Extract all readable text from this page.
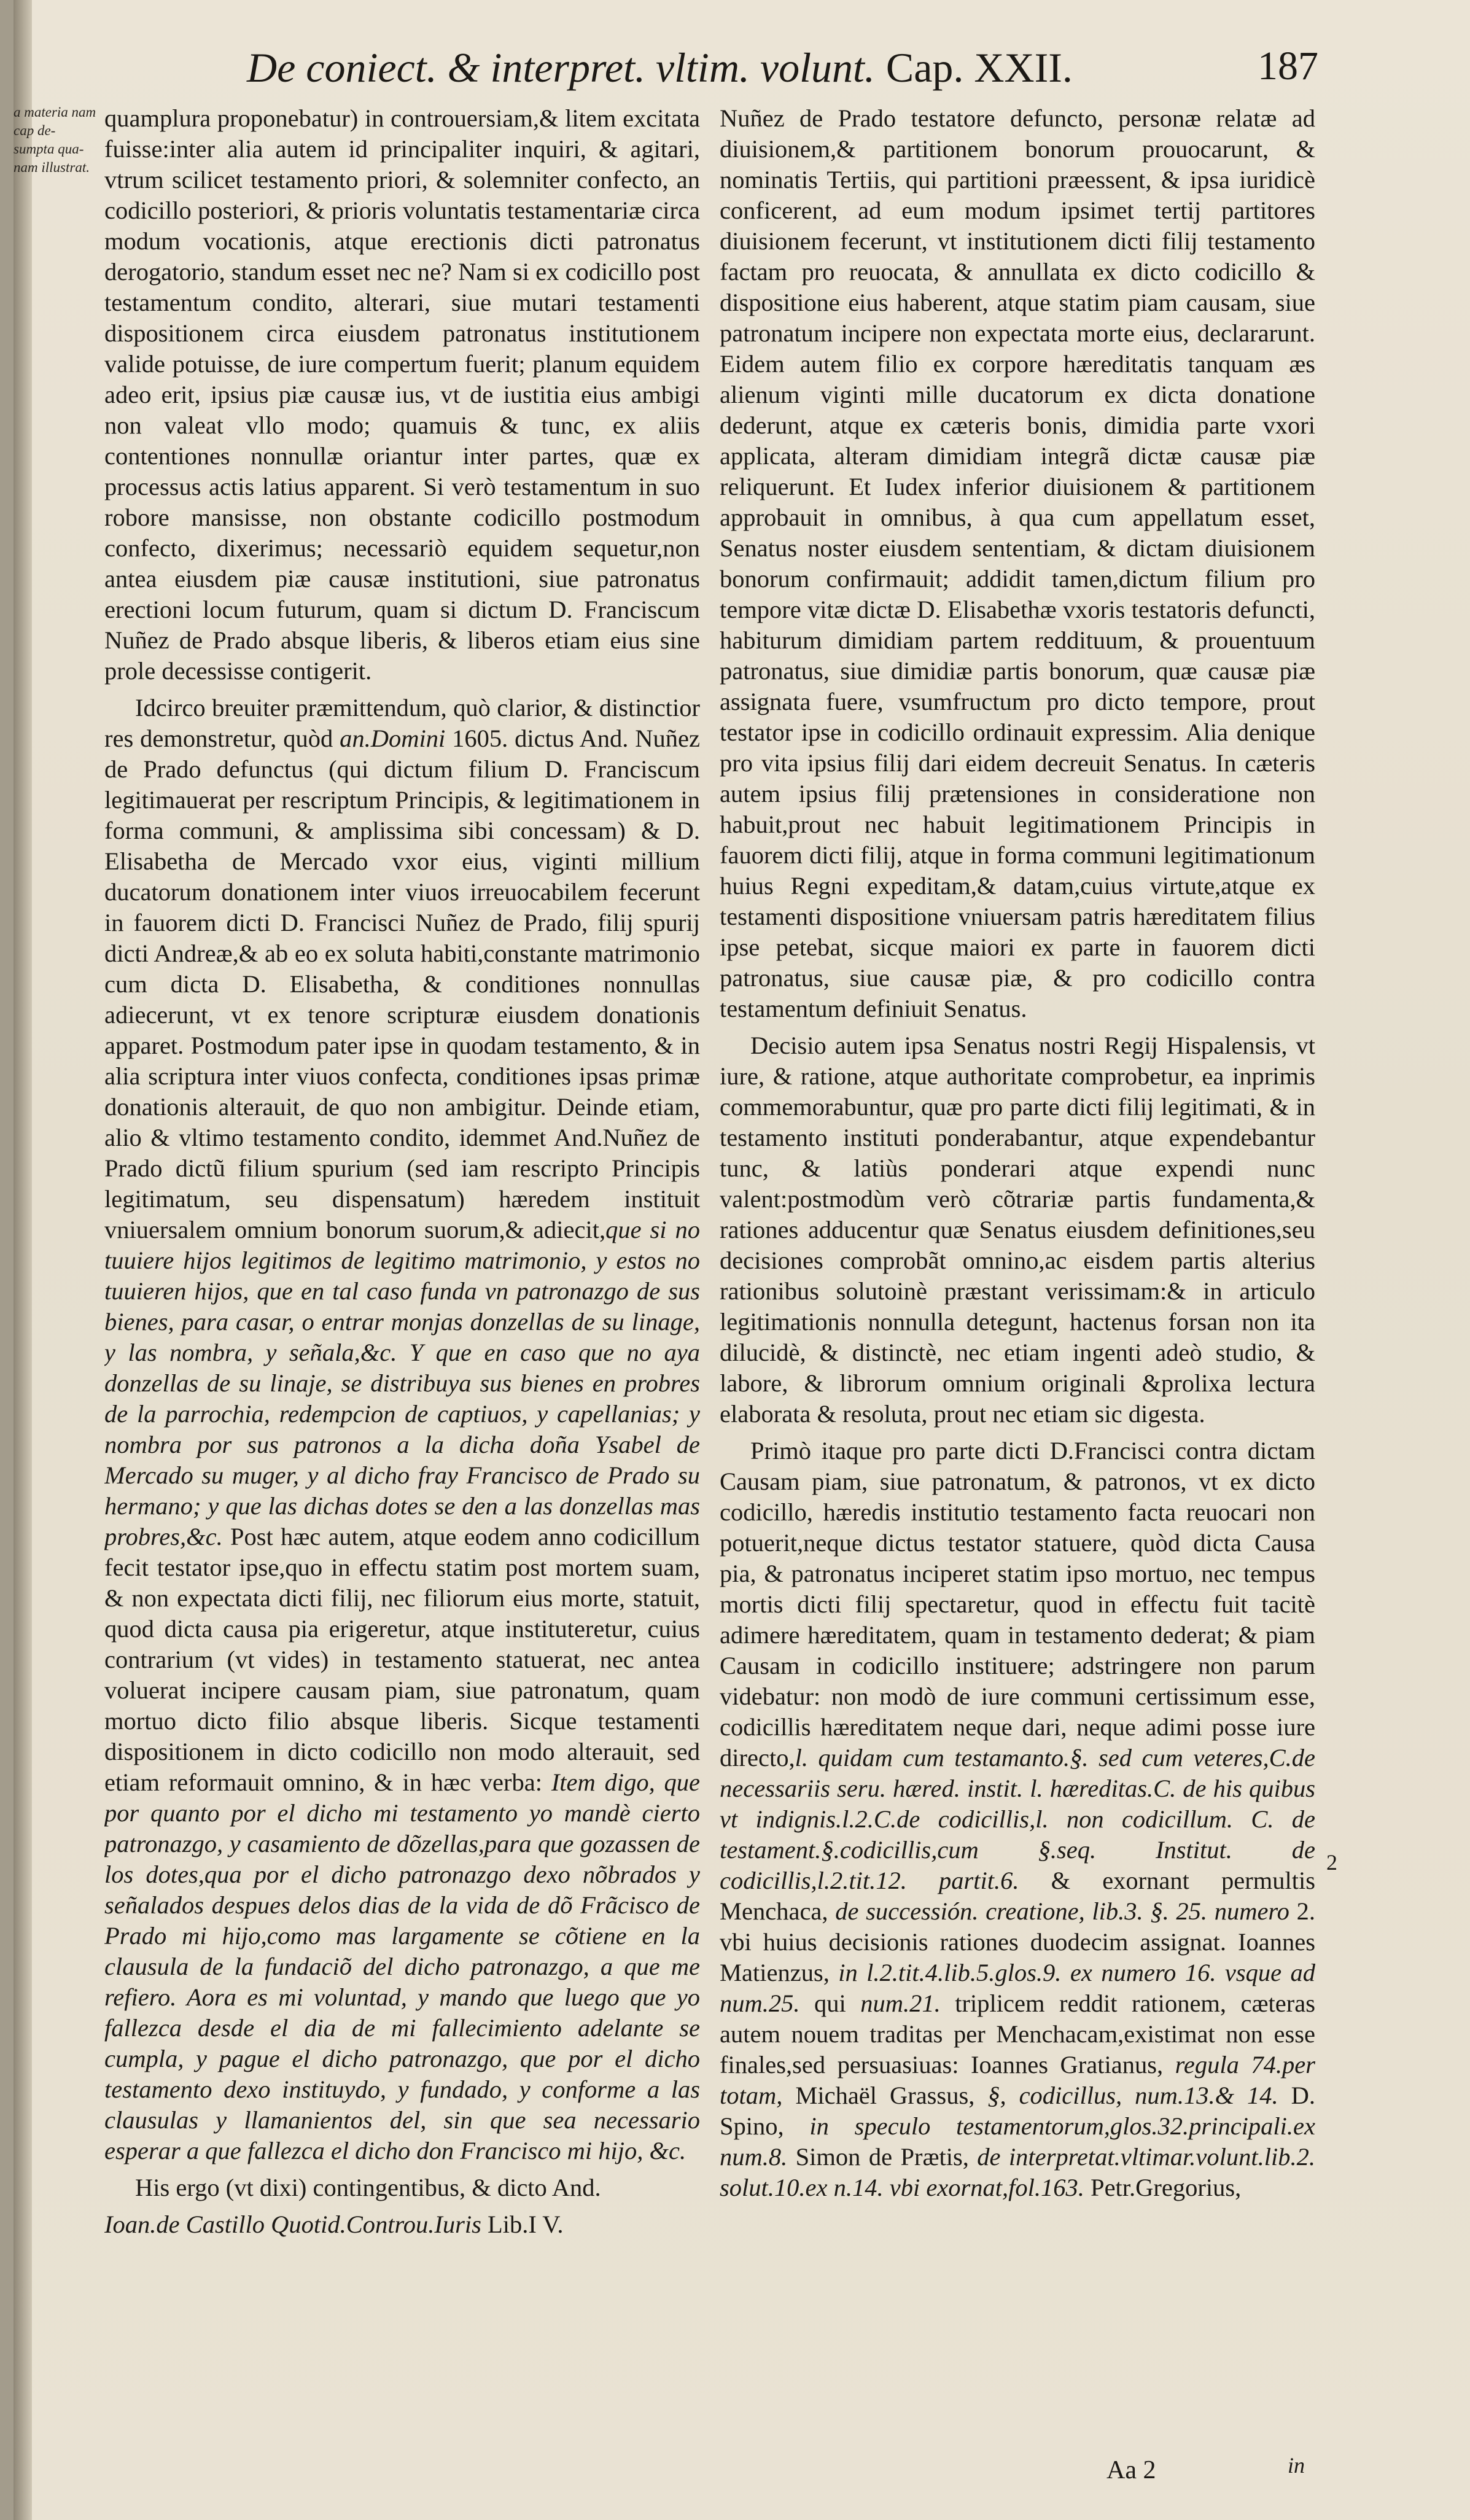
De coniect. & interpret. vltim. volunt. Cap. XXII.	187
a materia nam cap de- sumpta qua- nam illustrat.

quamplura proponebatur) in controuersiam,& litem excitata fuisse:inter alia autem id principaliter inquiri, & agitari, vtrum scilicet testamento priori, & solemniter confecto, an codicillo posteriori, & prioris voluntatis testamentariæ circa modum vocationis, atque erectionis dicti patronatus derogatorio, standum esset nec ne? Nam si ex codicillo post testamentum condito, alterari, siue mutari testamenti dispositionem circa eiusdem patronatus institutionem valide potuisse, de iure compertum fuerit; planum equidem adeo erit, ipsius piæ causæ ius, vt de iustitia eius ambigi non valeat vllo modo; quamuis & tunc, ex aliis contentiones nonnullæ oriantur inter partes, quæ ex processus actis latius apparent. Si verò testamentum in suo robore mansisse, non obstante codicillo postmodum confecto, dixerimus; necessariò equidem sequetur,non antea eiusdem piæ causæ institutioni, siue patronatus erectioni locum futurum, quam si dictum D. Franciscum Nuñez de Prado absque liberis, & liberos etiam eius sine prole decessisse contigerit.

Idcirco breuiter præmittendum, quò clarior, & distinctior res demonstretur, quòd an.Domini 1605. dictus And. Nuñez de Prado defunctus (qui dictum filium D. Franciscum legitimauerat per rescriptum Principis, & legitimationem in forma communi, & amplissima sibi concessam) & D. Elisabetha de Mercado vxor eius, viginti millium ducatorum donationem inter viuos irreuocabilem fecerunt in fauorem dicti D. Francisci Nuñez de Prado, filij spurij dicti Andreæ,& ab eo ex soluta habiti,constante matrimonio cum dicta D. Elisabetha, & conditiones nonnullas adiecerunt, vt ex tenore scripturæ eiusdem donationis apparet. Postmodum pater ipse in quodam testamento, & in alia scriptura inter viuos confecta, conditiones ipsas primæ donationis alterauit, de quo non ambigitur. Deinde etiam, alio & vltimo testamento condito, idemmet And.Nuñez de Prado dictũ filium spurium (sed iam rescripto Principis legitimatum, seu dispensatum) hæredem instituit vniuersalem omnium bonorum suorum,& adiecit,que si no tuuiere hijos legitimos de legitimo matrimonio, y estos no tuuieren hijos, que en tal caso funda vn patronazgo de sus bienes, para casar, o entrar monjas donzellas de su linage, y las nombra, y señala,&c. Y que en caso que no aya donzellas de su linaje, se distribuya sus bienes en probres de la parrochia, redempcion de captiuos, y capellanias; y nombra por sus patronos a la dicha doña Ysabel de Mercado su muger, y al dicho fray Francisco de Prado su hermano; y que las dichas dotes se den a las donzellas mas probres,&c. Post hæc autem, atque eodem anno codicillum fecit testator ipse,quo in effectu statim post mortem suam, & non expectata dicti filij, nec filiorum eius morte, statuit, quod dicta causa pia erigeretur, atque instituteretur, cuius contrarium (vt vides) in testamento statuerat, nec antea voluerat incipere causam piam, siue patronatum, quam mortuo dicto filio absque liberis. Sicque testamenti dispositionem in dicto codicillo non modo alterauit, sed etiam reformauit omnino, & in hæc verba: Item digo, que por quanto por el dicho mi testamento yo mandè cierto patronazgo, y casamiento de dõzellas,para que gozassen de los dotes,qua por el dicho patronazgo dexo nõbrados y señalados despues delos dias de la vida de dõ Frãcisco de Prado mi hijo,como mas largamente se cõtiene en la clausula de la fundaciõ del dicho patronazgo, a que me refiero. Aora es mi voluntad, y mando que luego que yo fallezca desde el dia de mi fallecimiento adelante se cumpla, y pague el dicho patronazgo, que por el dicho testamento dexo instituydo, y fundado, y conforme a las clausulas y llamanientos del, sin que sea necessario esperar a que fallezca el dicho don Francisco mi hijo, &c.

His ergo (vt dixi) contingentibus, & dicto And.

Ioan.de Castillo Quotid.Controu.Iuris Lib.I V.

Nuñez de Prado testatore defuncto, personæ relatæ ad diuisionem,& partitionem bonorum prouocarunt, & nominatis Tertiis, qui partitioni præessent, & ipsa iuridicè conficerent, ad eum modum ipsimet tertij partitores diuisionem fecerunt, vt institutionem dicti filij testamento factam pro reuocata, & annullata ex dicto codicillo & dispositione eius haberent, atque statim piam causam, siue patronatum incipere non expectata morte eius, declararunt. Eidem autem filio ex corpore hæreditatis tanquam æs alienum viginti mille ducatorum ex dicta donatione dederunt, atque ex cæteris bonis, dimidia parte vxori applicata, alteram dimidiam integrã dictæ causæ piæ reliquerunt. Et Iudex inferior diuisionem & partitionem approbauit in omnibus, à qua cum appellatum esset, Senatus noster eiusdem sententiam, & dictam diuisionem bonorum confirmauit; addidit tamen,dictum filium pro tempore vitæ dictæ D. Elisabethæ vxoris testatoris defuncti, habiturum dimidiam partem reddituum, & prouentuum patronatus, siue dimidiæ partis bonorum, quæ causæ piæ assignata fuere, vsumfructum pro dicto tempore, prout testator ipse in codicillo ordinauit expressim. Alia denique pro vita ipsius filij dari eidem decreuit Senatus. In cæteris autem ipsius filij prætensiones in consideratione non habuit,prout nec habuit legitimationem Principis in fauorem dicti filij, atque in forma communi legitimationum huius Regni expeditam,& datam,cuius virtute,atque ex testamenti dispositione vniuersam patris hæreditatem filius ipse petebat, sicque maiori ex parte in fauorem dicti patronatus, siue causæ piæ, & pro codicillo contra testamentum definiuit Senatus.

Decisio autem ipsa Senatus nostri Regij Hispalensis, vt iure, & ratione, atque authoritate comprobetur, ea inprimis commemorabuntur, quæ pro parte dicti filij legitimati, & in testamento instituti ponderabantur, atque expendebantur tunc, & latiùs ponderari atque expendi nunc valent:postmodùm verò cõtrariæ partis fundamenta,& rationes adducentur quæ Senatus eiusdem definitiones,seu decisiones comprobãt omnino,ac eisdem partis alterius rationibus solutoinè præstant verissimam:& in articulo legitimationis nonnulla detegunt, hactenus forsan non ita dilucidè, & distinctè, nec etiam ingenti adeò studio, & labore, & librorum omnium originali &prolixa lectura elaborata & resoluta, prout nec etiam sic digesta.

Primò itaque pro parte dicti D.Francisci contra dictam Causam piam, siue patronatum, & patronos, vt ex dicto codicillo, hæredis institutio testamento facta reuocari non potuerit,neque dictus testator statuere, quòd dicta Causa pia, & patronatus inciperet statim ipso mortuo, nec tempus mortis dicti filij spectaretur, quod in effectu fuit tacitè adimere hæreditatem, quam in testamento dederat; & piam Causam in codicillo instituere; adstringere non parum videbatur: non modò de iure communi certissimum esse, codicillis hæreditatem neque dari, neque adimi posse iure directo,l. quidam cum testamanto.§. sed cum veteres,C.de necessariis seru. hæred. instit. l. hæreditas.C. de his quibus vt indignis.l.2.C.de codicillis,l. non codicillum. C. de testament.§.codicillis,cum §.seq. Institut. de codicillis,l.2.tit.12. partit.6. & exornant permultis Menchaca, de successión. creatione, lib.3. §. 25. numero 2. vbi huius decisionis rationes duodecim assignat. Ioannes Matienzus, in l.2.tit.4.lib.5.glos.9. ex numero 16. vsque ad num.25. qui num.21. triplicem reddit rationem, cæteras autem nouem traditas per Menchacam,existimat non esse finales,sed persuasiuas: Ioannes Gratianus, regula 74.per totam, Michaël Grassus, §, codicillus, num.13.& 14. D. Spino, in speculo testamentorum,glos.32.principali.ex num.8. Simon de Prætis, de interpretat.vltimar.volunt.lib.2. solut.10.ex n.14. vbi exornat,fol.163. Petr.Gregorius,

2
Aa 2	in
